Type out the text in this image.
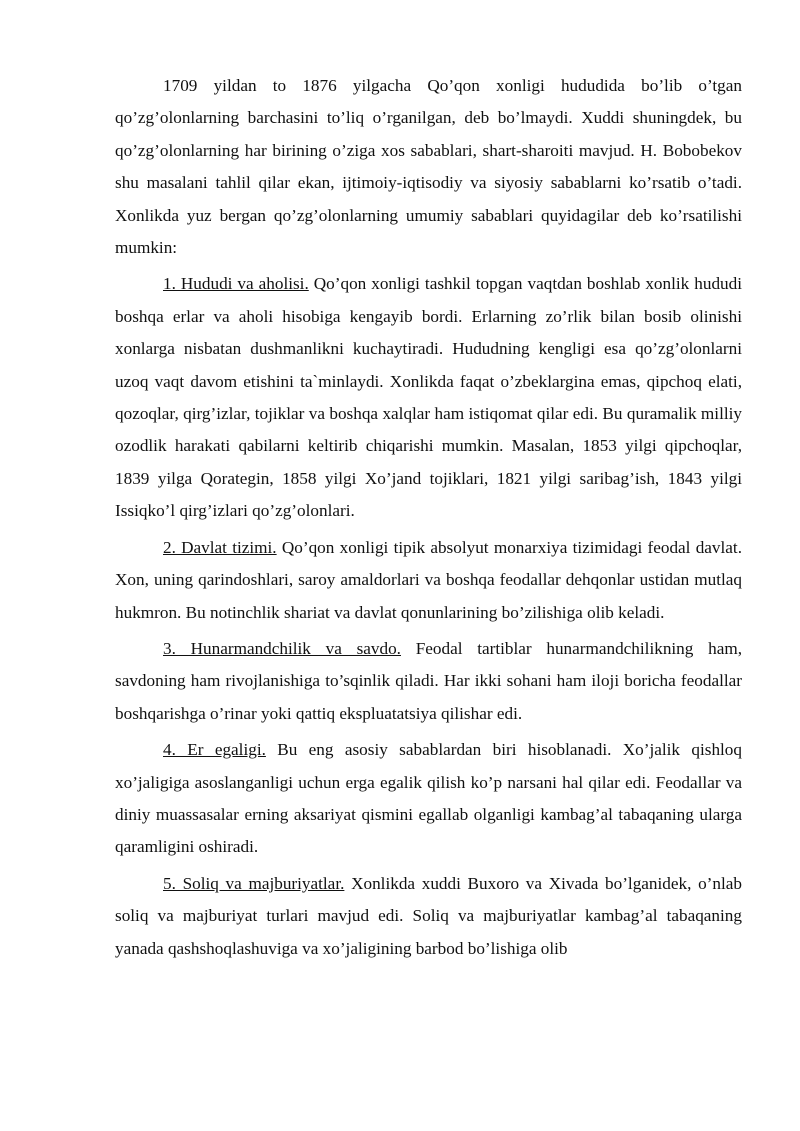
1709 yildan to 1876 yilgacha Qo’qon xonligi hududida bo’lib o’tgan qo’zg’olonlarning barchasini to’liq o’rganilgan, deb bo’lmaydi. Xuddi shuningdek, bu qo’zg’olonlarning har birining o’ziga xos sabablari, shart-sharoiti mavjud. H. Bobobekov shu masalani tahlil qilar ekan, ijtimoiy-iqtisodiy va siyosiy sabablarni ko’rsatib o’tadi. Xonlikda yuz bergan qo’zg’olonlarning umumiy sabablari quyidagilar deb ko’rsatilishi mumkin:

1. Hududi va aholisi. Qo’qon xonligi tashkil topgan vaqtdan boshlab xonlik hududi boshqa erlar va aholi hisobiga kengayib bordi. Erlarning zo’rlik bilan bosib olinishi xonlarga nisbatan dushmanlikni kuchaytiradi. Hududning kengligi esa qo’zg’olonlarni uzoq vaqt davom etishini ta`minlaydi. Xonlikda faqat o’zbeklargina emas, qipchoq elati, qozoqlar, qirg’izlar, tojiklar va boshqa xalqlar ham istiqomat qilar edi. Bu quramalik milliy ozodlik harakati qabilarni keltirib chiqarishi mumkin. Masalan, 1853 yilgi qipchoqlar, 1839 yilga Qorategin, 1858 yilgi Xo’jand tojiklari, 1821 yilgi saribag’ish, 1843 yilgi Issiqko’l qirg’izlari qo’zg’olonlari.

2. Davlat tizimi. Qo’qon xonligi tipik absolyut monarxiya tizimidagi feodal davlat. Xon, uning qarindoshlari, saroy amaldorlari va boshqa feodallar dehqonlar ustidan mutlaq hukmron. Bu notinchlik shariat va davlat qonunlarining bo’zilishiga olib keladi.

3. Hunarmandchilik va savdo. Feodal tartiblar hunarmandchilikning ham, savdoning ham rivojlanishiga to’sqinlik qiladi. Har ikki sohani ham iloji boricha feodallar boshqarishga o’rinar yoki qattiq ekspluatatsiya qilishar edi.

4. Er egaligi. Bu eng asosiy sabablardan biri hisoblanadi. Xo’jalik qishloq xo’jaligiga asoslanganligi uchun erga egalik qilish ko’p narsani hal qilar edi. Feodallar va diniy muassasalar erning aksariyat qismini egallab olganligi kambag’al tabaqaning ularga qaramligini oshiradi.

5. Soliq va majburiyatlar. Xonlikda xuddi Buxoro va Xivada bo’lganidek, o’nlab soliq va majburiyat turlari mavjud edi. Soliq va majburiyatlar kambag’al tabaqaning yanada qashshoqlashuviga va xo’jaligining barbod bo’lishiga olib
